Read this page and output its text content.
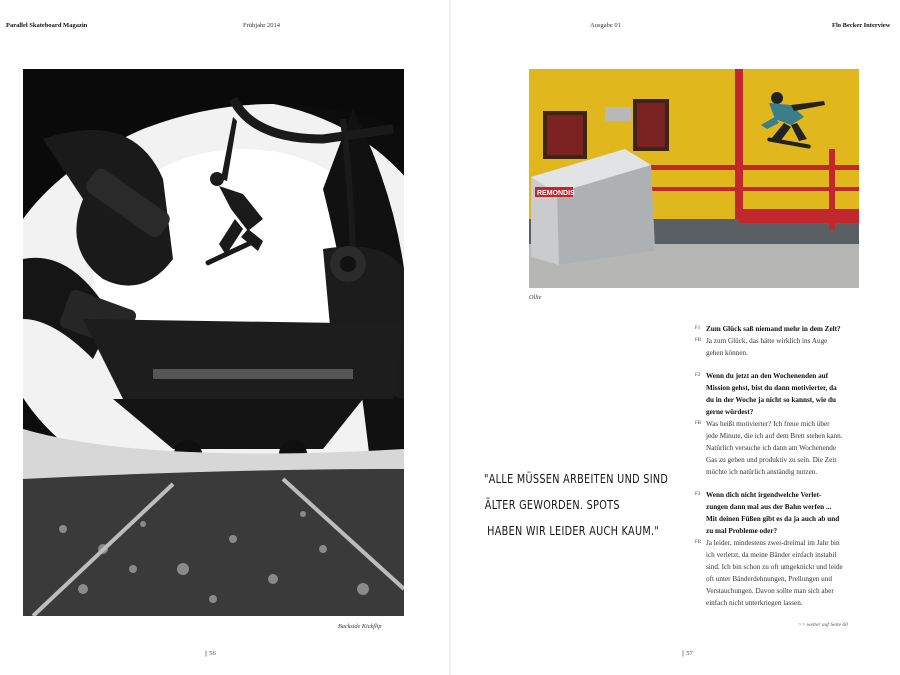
Parallel Skateboard Magazin	Frühjahr 2014
Backside Kickflip
|| 56
Ausgabe 01	Flo Becker Interview
REMONDIS
Ollie
"ALLE MÜSSEN ARBEITEN UND SIND
ÄLTER GEWORDEN. SPOTS
HABEN WIR LEIDER AUCH KAUM."
F1 Zum Glück saß niemand mehr in dem Zelt?
FB Ja zum Glück, das hätte wirklich ins Auge
gehen können.
F2 Wenn du jetzt an den Wochenenden auf
Mission gehst, bist du dann motivierter, da
du in der Woche ja nicht so kannst, wie du
gerne würdest?
FB Was heißt motivierter? Ich freue mich über
jede Minute, die ich auf dem Brett stehen kann.
Natürlich versuche ich dann am Wochenende
Gas zu geben und produktiv zu sein. Die Zeit
möchte ich natürlich anständig nutzen.
F3 Wenn dich nicht irgendwelche Verlet-
zungen dann mal aus der Bahn werfen ...
Mit deinen Füßen gibt es da ja auch ab und
zu mal Probleme oder?
FB Ja leider, mindestens zwei-dreimal im Jahr bin
ich verletzt, da meine Bänder einfach instabil
sind. Ich bin schon zu oft umgeknickt und leide
oft unter Bänderdehnungen, Prellungen und
Verstauchungen. Davon sollte man sich aber
einfach nicht unterkriegen lassen.
>> weiter auf Seite 60
|| 57
